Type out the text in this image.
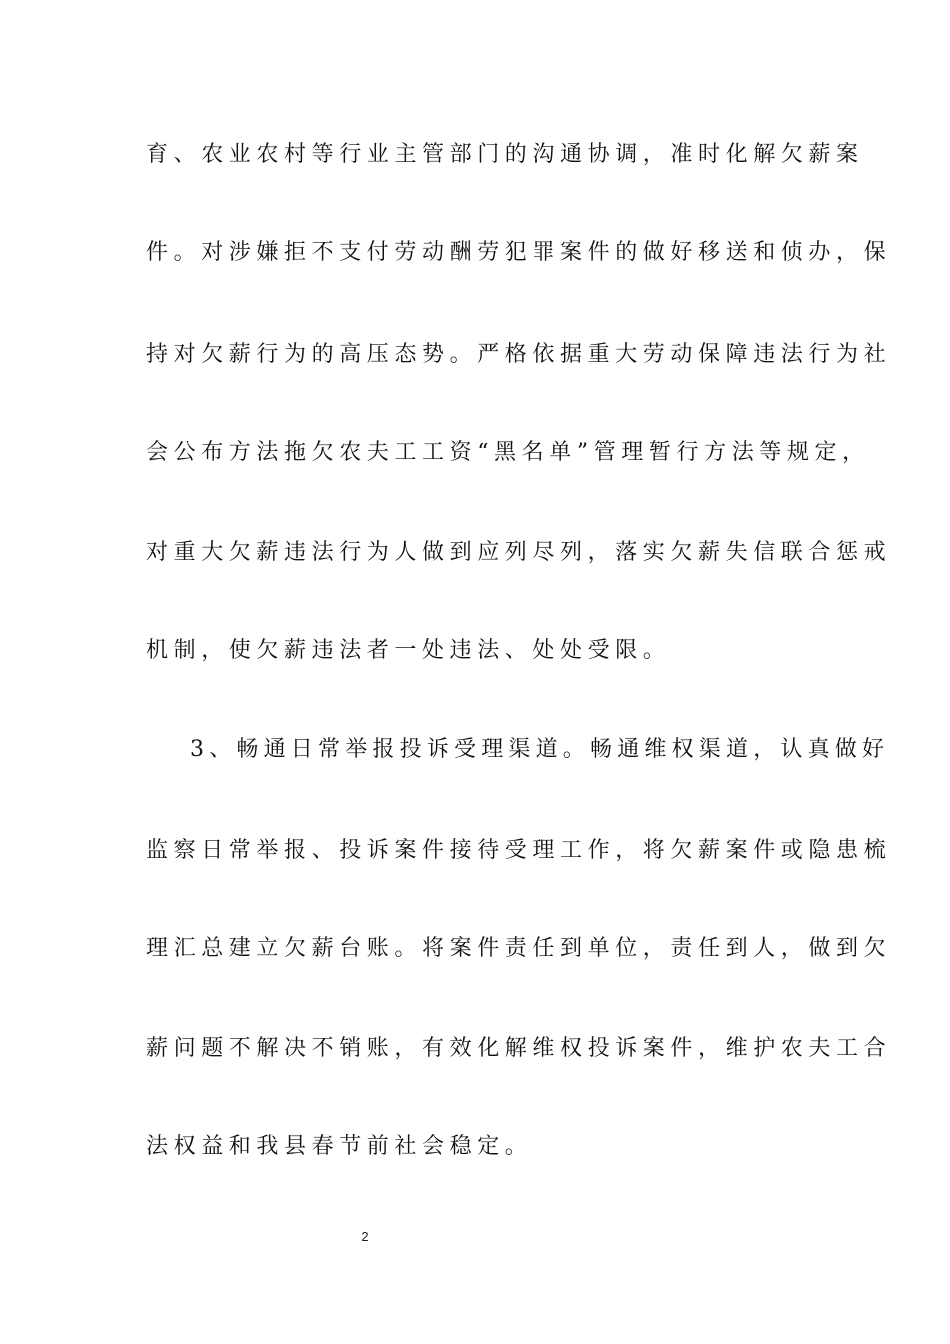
育、农业农村等行业主管部门的沟通协调，准时化解欠薪案
件。对涉嫌拒不支付劳动酬劳犯罪案件的做好移送和侦办，保
持对欠薪行为的高压态势。严格依据重大劳动保障违法行为社
会公布方法拖欠农夫工工资“黑名单”管理暂行方法等规定，
对重大欠薪违法行为人做到应列尽列，落实欠薪失信联合惩戒
机制，使欠薪违法者一处违法、处处受限。
3、畅通日常举报投诉受理渠道。畅通维权渠道，认真做好
监察日常举报、投诉案件接待受理工作，将欠薪案件或隐患梳
理汇总建立欠薪台账。将案件责任到单位，责任到人，做到欠
薪问题不解决不销账，有效化解维权投诉案件，维护农夫工合
法权益和我县春节前社会稳定。
2
